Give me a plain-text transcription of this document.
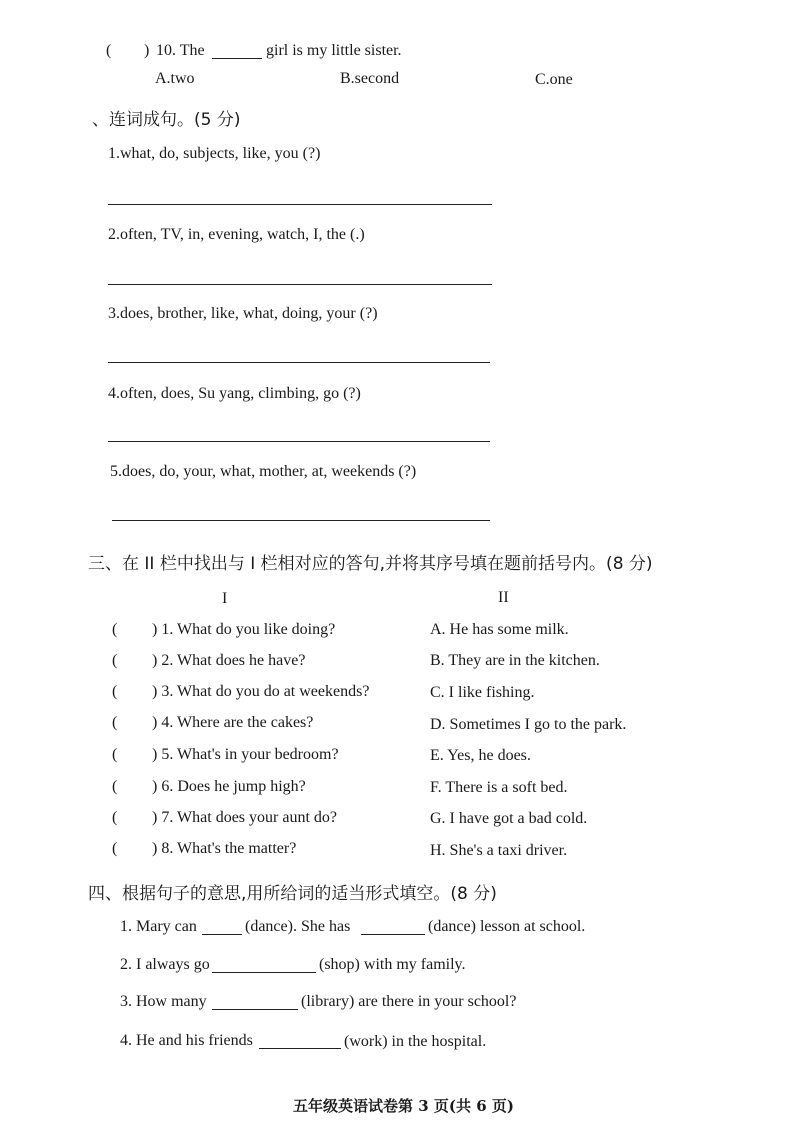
( ) 10. The	girl is my little sister.
A.two	B.second	C.one
、连词成句。(5 分)
1.what, do, subjects, like, you (?)
2.often, TV, in, evening, watch, I, the (.)
3.does, brother, like, what, doing, your (?)
4.often, does, Su yang, climbing, go (?)
5.does, do, your, what, mother, at, weekends (?)
三、在 II 栏中找出与 I 栏相对应的答句,并将其序号填在题前括号内。(8 分)
I	II
( ) 1. What do you like doing?	A. He has some milk.
( ) 2. What does he have?	B. They are in the kitchen.
( ) 3. What do you do at weekends?	C. I like fishing.
( ) 4. Where are the cakes?	D. Sometimes I go to the park.
( ) 5. What's in your bedroom?	E. Yes, he does.
( ) 6. Does he jump high?	F. There is a soft bed.
( ) 7. What does your aunt do?	G. I have got a bad cold.
( ) 8. What's the matter?	H. She's a taxi driver.
四、根据句子的意思,用所给词的适当形式填空。(8 分)
1. Mary can	(dance). She has	(dance) lesson at school.
2. I always go	(shop) with my family.
3. How many	(library) are there in your school?
4. He and his friends	(work) in the hospital.
五年级英语试卷第 3 页(共 6 页)
